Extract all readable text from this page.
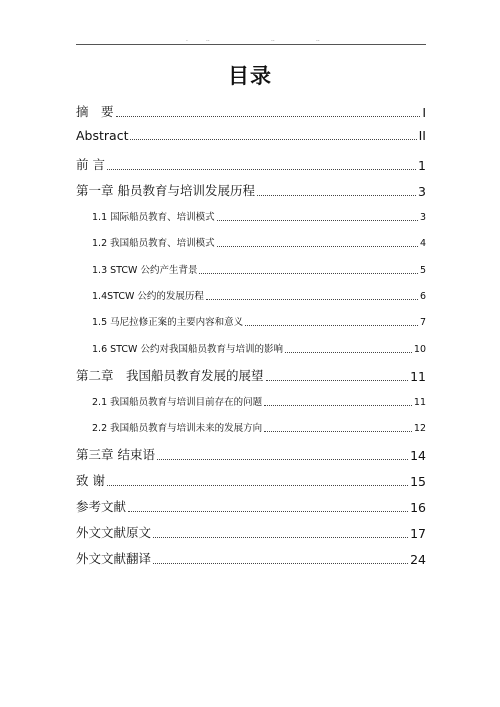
.	..	..	..
目录
摘　要	I
Abstract	II
前 言	1
第一章 船员教育与培训发展历程	3
1.1 国际船员教育、培训模式	3
1.2 我国船员教育、培训模式	4
1.3 STCW 公约产生背景	5
1.4STCW 公约的发展历程	6
1.5 马尼拉修正案的主要内容和意义	7
1.6 STCW 公约对我国船员教育与培训的影响	10
第二章　我国船员教育发展的展望	11
2.1 我国船员教育与培训目前存在的问题	11
2.2 我国船员教育与培训未来的发展方向	12
第三章 结束语	14
致 谢	15
参考文献	16
外文文献原文	17
外文文献翻译	24
